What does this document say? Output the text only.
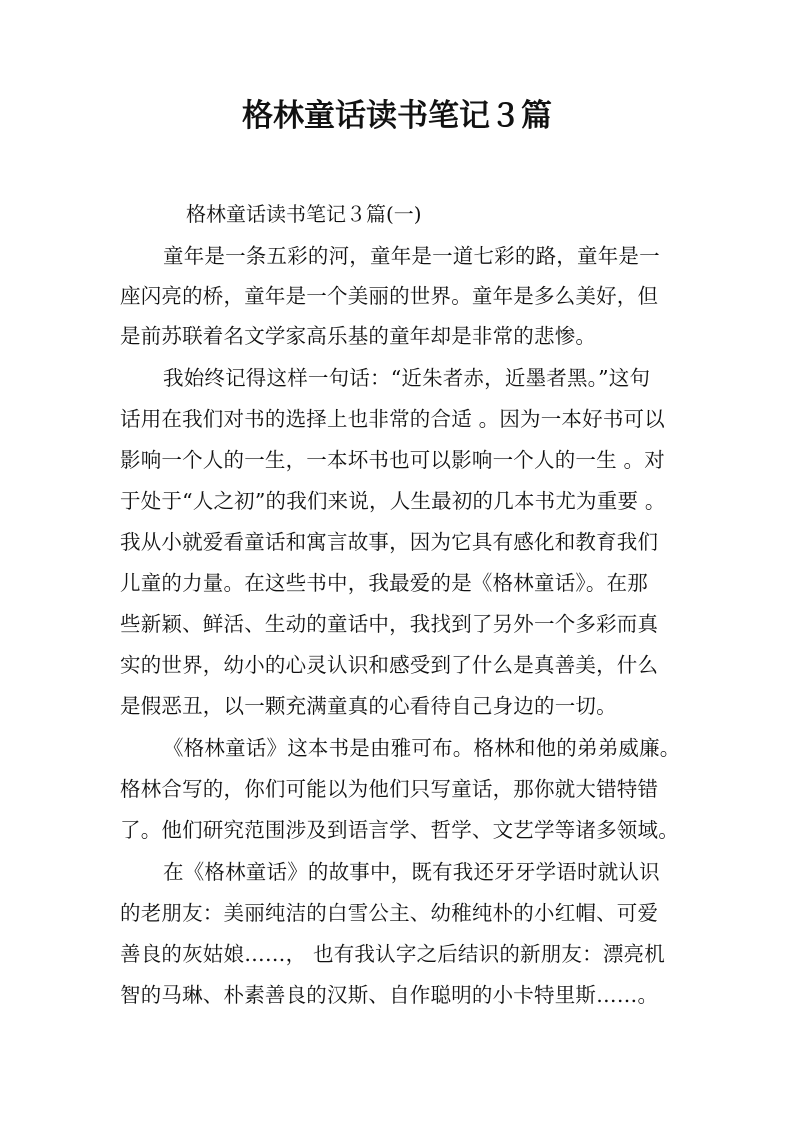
格林童话读书笔记３篇

格林童话读书笔记３篇(一)

童年是一条五彩的河，童年是一道七彩的路，童年是一
座闪亮的桥，童年是一个美丽的世界。童年是多么美好，但
是前苏联着名文学家高乐基的童年却是非常的悲惨。
我始终记得这样一句话：“近朱者赤，近墨者黑。”这句
话用在我们对书的选择上也非常的合适 。因为一本好书可以
影响一个人的一生，一本坏书也可以影响一个人的一生 。对
于处于“人之初”的我们来说，人生最初的几本书尤为重要 。
我从小就爱看童话和寓言故事，因为它具有感化和教育我们
儿童的力量。在这些书中，我最爱的是《格林童话》。在那
些新颖、鲜活、生动的童话中，我找到了另外一个多彩而真
实的世界，幼小的心灵认识和感受到了什么是真善美，什么
是假恶丑，以一颗充满童真的心看待自己身边的一切。
《格林童话》这本书是由雅可布。格林和他的弟弟威廉。
格林合写的，你们可能以为他们只写童话，那你就大错特错
了。他们研究范围涉及到语言学、哲学、文艺学等诸多领域。
在《格林童话》的故事中，既有我还牙牙学语时就认识
的老朋友：美丽纯洁的白雪公主、幼稚纯朴的小红帽、可爱
善良的灰姑娘……， 也有我认字之后结识的新朋友：漂亮机
智的马琳、朴素善良的汉斯、自作聪明的小卡特里斯……。
